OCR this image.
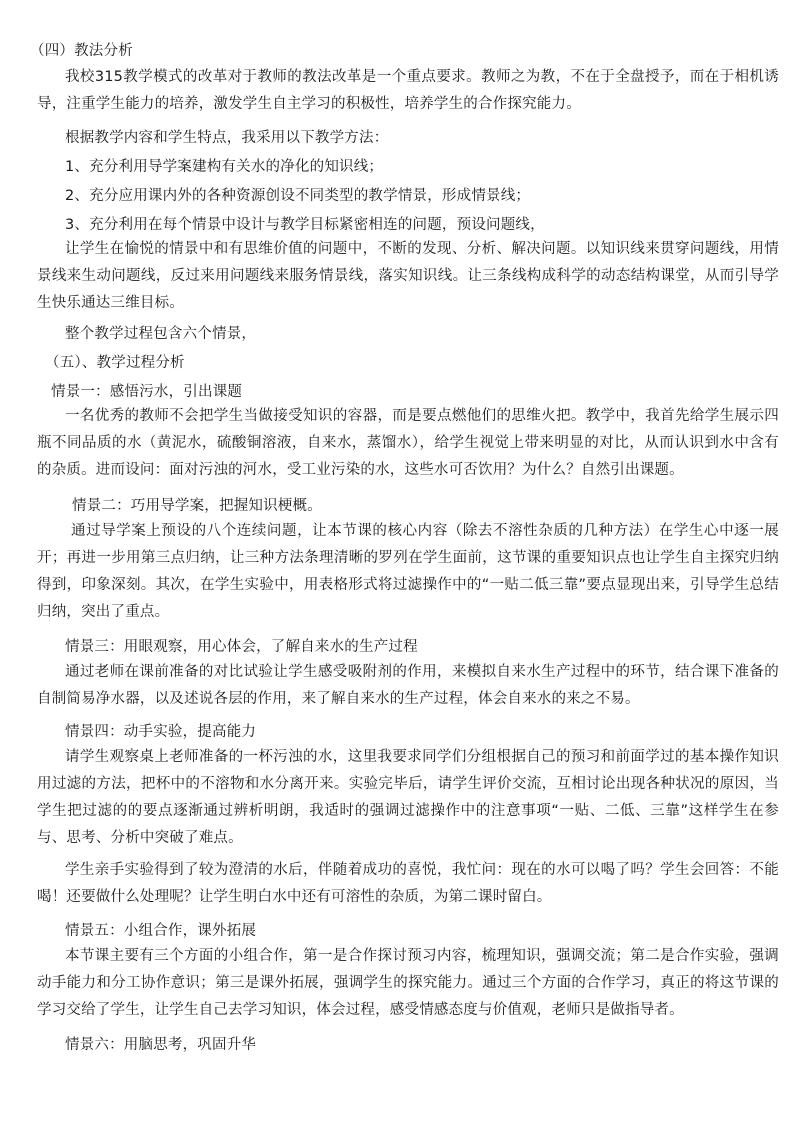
（四）教法分析
我校315教学模式的改革对于教师的教法改革是一个重点要求。教师之为教，不在于全盘授予，而在于相机诱导，注重学生能力的培养，激发学生自主学习的积极性，培养学生的合作探究能力。
根据教学内容和学生特点，我采用以下教学方法：
1、充分利用导学案建构有关水的净化的知识线；
2、充分应用课内外的各种资源创设不同类型的教学情景，形成情景线；
3、充分利用在每个情景中设计与教学目标紧密相连的问题，预设问题线，
让学生在愉悦的情景中和有思维价值的问题中，不断的发现、分析、解决问题。以知识线来贯穿问题线，用情景线来生动问题线，反过来用问题线来服务情景线，落实知识线。让三条线构成科学的动态结构课堂，从而引导学生快乐通达三维目标。
整个教学过程包含六个情景，
（五）、教学过程分析
情景一：感悟污水，引出课题
一名优秀的教师不会把学生当做接受知识的容器，而是要点燃他们的思维火把。教学中，我首先给学生展示四瓶不同品质的水（黄泥水，硫酸铜溶液，自来水，蒸馏水），给学生视觉上带来明显的对比，从而认识到水中含有的杂质。进而设问：面对污浊的河水，受工业污染的水，这些水可否饮用？为什么？自然引出课题。
情景二：巧用导学案，把握知识梗概。
通过导学案上预设的八个连续问题，让本节课的核心内容（除去不溶性杂质的几种方法）在学生心中逐一展开；再进一步用第三点归纳，让三种方法条理清晰的罗列在学生面前，这节课的重要知识点也让学生自主探究归纳得到，印象深刻。其次，在学生实验中，用表格形式将过滤操作中的“一贴二低三靠”要点显现出来，引导学生总结归纳，突出了重点。
情景三：用眼观察，用心体会，了解自来水的生产过程
通过老师在课前准备的对比试验让学生感受吸附剂的作用，来模拟自来水生产过程中的环节，结合课下准备的自制简易净水器，以及述说各层的作用，来了解自来水的生产过程，体会自来水的来之不易。
情景四：动手实验，提高能力
请学生观察桌上老师准备的一杯污浊的水，这里我要求同学们分组根据自己的预习和前面学过的基本操作知识用过滤的方法，把杯中的不溶物和水分离开来。实验完毕后，请学生评价交流，互相讨论出现各种状况的原因，当学生把过滤的的要点逐渐通过辨析明朗，我适时的强调过滤操作中的注意事项“一贴、二低、三靠”这样学生在参与、思考、分析中突破了难点。
学生亲手实验得到了较为澄清的水后，伴随着成功的喜悦，我忙问：现在的水可以喝了吗？学生会回答：不能喝！还要做什么处理呢？让学生明白水中还有可溶性的杂质，为第二课时留白。
情景五：小组合作，课外拓展
本节课主要有三个方面的小组合作，第一是合作探讨预习内容，梳理知识，强调交流；第二是合作实验，强调动手能力和分工协作意识；第三是课外拓展，强调学生的探究能力。通过三个方面的合作学习，真正的将这节课的学习交给了学生，让学生自己去学习知识，体会过程，感受情感态度与价值观，老师只是做指导者。
情景六：用脑思考，巩固升华
